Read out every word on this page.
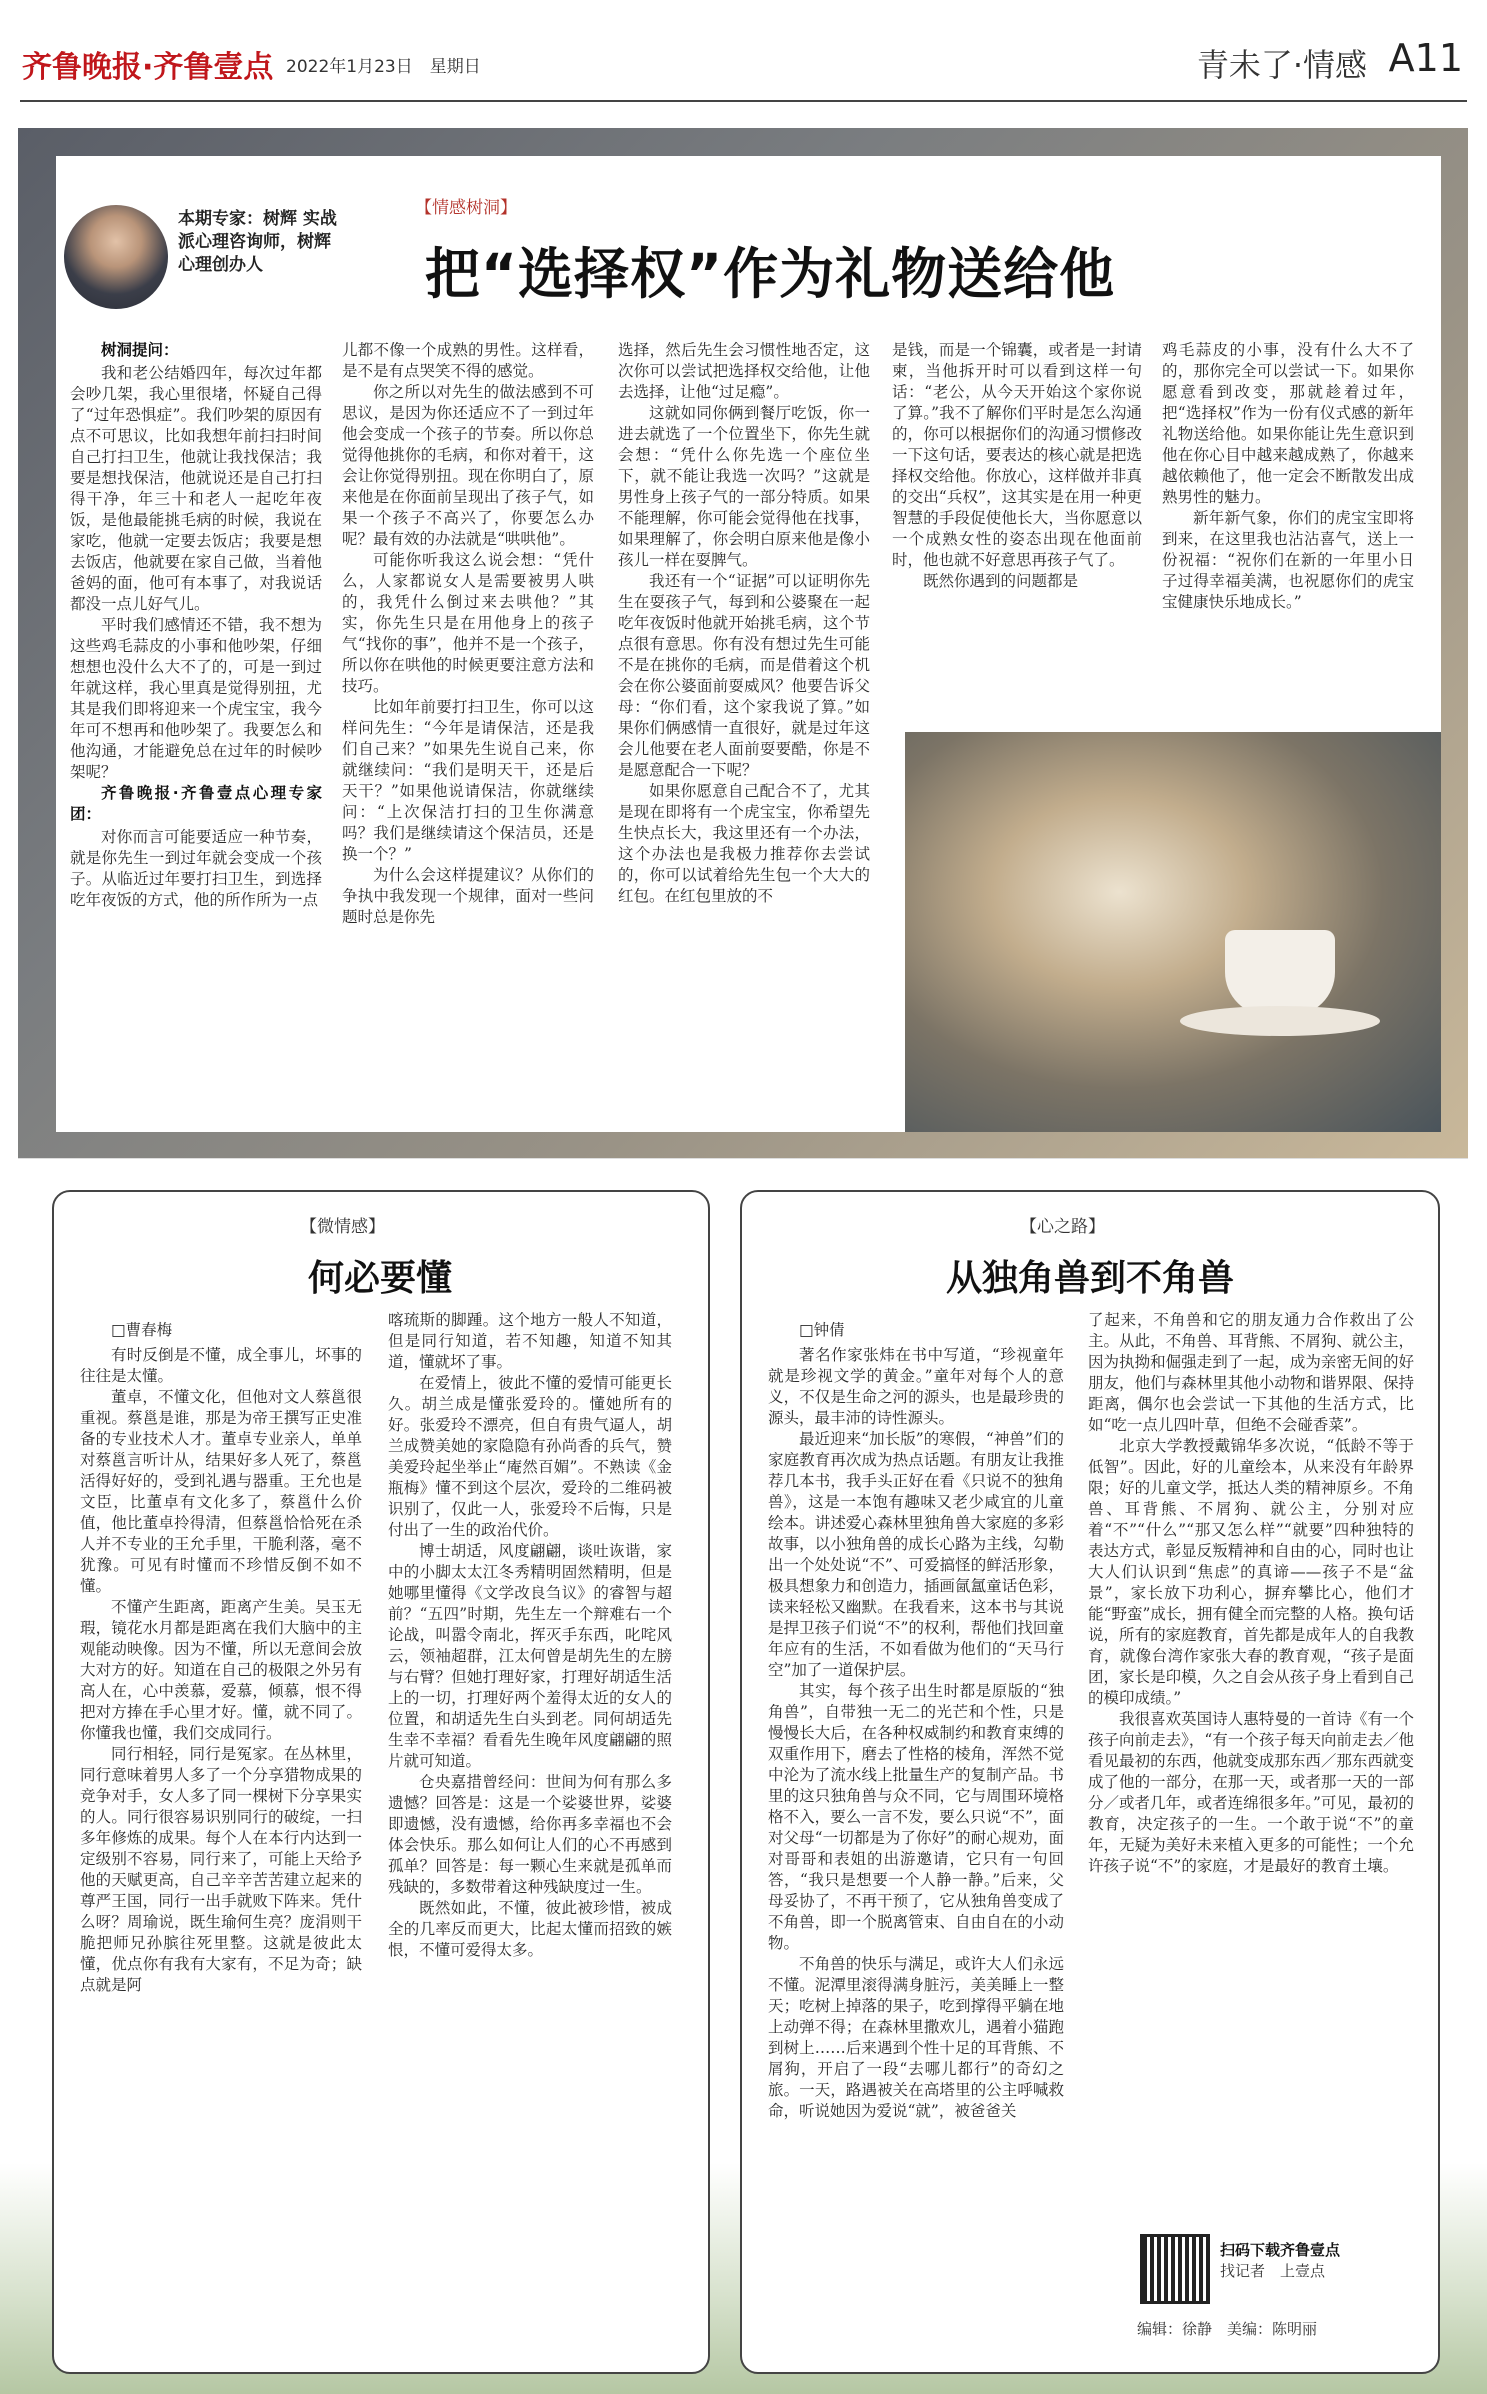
齐鲁晚报·齐鲁壹点 2022年1月23日　星期日	青未了·情感 A11
本期专家：树辉 实战派心理咨询师，树辉心理创办人
【情感树洞】
把“选择权”作为礼物送给他

树洞提问：

我和老公结婚四年，每次过年都会吵几架，我心里很堵，怀疑自己得了“过年恐惧症”。我们吵架的原因有点不可思议，比如我想年前扫扫时间自己打扫卫生，他就让我找保洁；我要是想找保洁，他就说还是自己打扫得干净，年三十和老人一起吃年夜饭，是他最能挑毛病的时候，我说在家吃，他就一定要去饭店；我要是想去饭店，他就要在家自己做，当着他爸妈的面，他可有本事了，对我说话都没一点儿好气儿。

平时我们感情还不错，我不想为这些鸡毛蒜皮的小事和他吵架，仔细想想也没什么大不了的，可是一到过年就这样，我心里真是觉得别扭，尤其是我们即将迎来一个虎宝宝，我今年可不想再和他吵架了。我要怎么和他沟通，才能避免总在过年的时候吵架呢？

齐鲁晚报·齐鲁壹点心理专家团：

对你而言可能要适应一种节奏，就是你先生一到过年就会变成一个孩子。从临近过年要打扫卫生，到选择吃年夜饭的方式，他的所作所为一点

儿都不像一个成熟的男性。这样看，是不是有点哭笑不得的感觉。

你之所以对先生的做法感到不可思议，是因为你还适应不了一到过年他会变成一个孩子的节奏。所以你总觉得他挑你的毛病，和你对着干，这会让你觉得别扭。现在你明白了，原来他是在你面前呈现出了孩子气，如果一个孩子不高兴了，你要怎么办呢？最有效的办法就是“哄哄他”。

可能你听我这么说会想：“凭什么，人家都说女人是需要被男人哄的，我凭什么倒过来去哄他？”其实，你先生只是在用他身上的孩子气“找你的事”，他并不是一个孩子，所以你在哄他的时候更要注意方法和技巧。

比如年前要打扫卫生，你可以这样问先生：“今年是请保洁，还是我们自己来？”如果先生说自己来，你就继续问：“我们是明天干，还是后天干？”如果他说请保洁，你就继续问：“上次保洁打扫的卫生你满意吗？我们是继续请这个保洁员，还是换一个？”

为什么会这样提建议？从你们的争执中我发现一个规律，面对一些问题时总是你先

选择，然后先生会习惯性地否定，这次你可以尝试把选择权交给他，让他去选择，让他“过足瘾”。

这就如同你俩到餐厅吃饭，你一进去就选了一个位置坐下，你先生就会想：“凭什么你先选一个座位坐下，就不能让我选一次吗？”这就是男性身上孩子气的一部分特质。如果不能理解，你可能会觉得他在找事，如果理解了，你会明白原来他是像小孩儿一样在耍脾气。

我还有一个“证据”可以证明你先生在耍孩子气，每到和公婆聚在一起吃年夜饭时他就开始挑毛病，这个节点很有意思。你有没有想过先生可能不是在挑你的毛病，而是借着这个机会在你公婆面前耍威风？他要告诉父母：“你们看，这个家我说了算。”如果你们俩感情一直很好，就是过年这会儿他要在老人面前耍要酷，你是不是愿意配合一下呢？

如果你愿意自己配合不了，尤其是现在即将有一个虎宝宝，你希望先生快点长大，我这里还有一个办法，这个办法也是我极力推荐你去尝试的，你可以试着给先生包一个大大的红包。在红包里放的不

是钱，而是一个锦囊，或者是一封请柬，当他拆开时可以看到这样一句话：“老公，从今天开始这个家你说了算。”我不了解你们平时是怎么沟通的，你可以根据你们的沟通习惯修改一下这句话，要表达的核心就是把选择权交给他。你放心，这样做并非真的交出“兵权”，这其实是在用一种更智慧的手段促使他长大，当你愿意以一个成熟女性的姿态出现在他面前时，他也就不好意思再孩子气了。

既然你遇到的问题都是

鸡毛蒜皮的小事，没有什么大不了的，那你完全可以尝试一下。如果你愿意看到改变，那就趁着过年，把“选择权”作为一份有仪式感的新年礼物送给他。如果你能让先生意识到他在你心目中越来越成熟了，你越来越依赖他了，他一定会不断散发出成熟男性的魅力。

新年新气象，你们的虎宝宝即将到来，在这里我也沾沾喜气，送上一份祝福：“祝你们在新的一年里小日子过得幸福美满，也祝愿你们的虎宝宝健康快乐地成长。”

【微情感】
何必要懂

□曹春梅

有时反倒是不懂，成全事儿，坏事的往往是太懂。

董卓，不懂文化，但他对文人蔡邕很重视。蔡邕是谁，那是为帝王撰写正史准备的专业技术人才。董卓专业亲人，单单对蔡邕言听计从，结果好多人死了，蔡邕活得好好的，受到礼遇与器重。王允也是文臣，比董卓有文化多了，蔡邕什么价值，他比董卓拎得清，但蔡邕恰恰死在杀人并不专业的王允手里，干脆利落，毫不犹豫。可见有时懂而不珍惜反倒不如不懂。

不懂产生距离，距离产生美。吴玉无瑕，镜花水月都是距离在我们大脑中的主观能动映像。因为不懂，所以无意间会放大对方的好。知道在自己的极限之外另有高人在，心中羡慕，爱慕，倾慕，恨不得把对方捧在手心里才好。懂，就不同了。你懂我也懂，我们交成同行。

同行相轻，同行是冤家。在丛林里，同行意味着男人多了一个分享猎物成果的竞争对手，女人多了同一棵树下分享果实的人。同行很容易识别同行的破绽，一扫多年修炼的成果。每个人在本行内达到一定级别不容易，同行来了，可能上天给予他的天赋更高，自己辛辛苦苦建立起来的尊严王国，同行一出手就败下阵来。凭什么呀？周瑜说，既生瑜何生亮？庞涓则干脆把师兄孙膑往死里整。这就是彼此太懂，优点你有我有大家有，不足为奇；缺点就是阿

喀琉斯的脚踵。这个地方一般人不知道，但是同行知道，若不知趣，知道不知其道，懂就坏了事。

在爱情上，彼此不懂的爱情可能更长久。胡兰成是懂张爱玲的。懂她所有的好。张爱玲不漂亮，但自有贵气逼人，胡兰成赞美她的家隐隐有孙尚香的兵气，赞美爱玲起坐举止“庵然百媚”。不熟读《金瓶梅》懂不到这个层次，爱玲的二维码被识别了，仅此一人，张爱玲不后悔，只是付出了一生的政治代价。

博士胡适，风度翩翩，谈吐诙谐，家中的小脚太太江冬秀精明固然精明，但是她哪里懂得《文学改良刍议》的睿智与超前？“五四”时期，先生左一个辩难右一个论战，叫嚣令南北，挥灭手东西，叱咤风云，领袖超群，江太何曾是胡先生的左膀与右臂？但她打理好家，打理好胡适生活上的一切，打理好两个羞得太近的女人的位置，和胡适先生白头到老。同何胡适先生幸不幸福？看看先生晚年风度翩翩的照片就可知道。

仓央嘉措曾经问：世间为何有那么多遗憾？回答是：这是一个娑婆世界，娑婆即遗憾，没有遗憾，给你再多幸福也不会体会快乐。那么如何让人们的心不再感到孤单？回答是：每一颗心生来就是孤单而残缺的，多数带着这种残缺度过一生。

既然如此，不懂，彼此被珍惜，被成全的几率反而更大，比起太懂而招致的嫉恨，不懂可爱得太多。

【心之路】
从独角兽到不角兽

□钟倩

著名作家张炜在书中写道，“珍视童年就是珍视文学的黄金。”童年对每个人的意义，不仅是生命之河的源头，也是最珍贵的源头，最丰沛的诗性源头。

最近迎来“加长版”的寒假，“神兽”们的家庭教育再次成为热点话题。有朋友让我推荐几本书，我手头正好在看《只说不的独角兽》，这是一本饱有趣味又老少咸宜的儿童绘本。讲述爱心森林里独角兽大家庭的多彩故事，以小独角兽的成长心路为主线，勾勒出一个处处说“不”、可爱搞怪的鲜活形象，极具想象力和创造力，插画氤氲童话色彩，读来轻松又幽默。在我看来，这本书与其说是捍卫孩子们说“不”的权利，帮他们找回童年应有的生活，不如看做为他们的“天马行空”加了一道保护层。

其实，每个孩子出生时都是原版的“独角兽”，自带独一无二的光芒和个性，只是慢慢长大后，在各种权威制约和教育束缚的双重作用下，磨去了性格的棱角，浑然不觉中沦为了流水线上批量生产的复制产品。书里的这只独角兽与众不同，它与周围环境格格不入，要么一言不发，要么只说“不”，面对父母“一切都是为了你好”的耐心规劝，面对哥哥和表姐的出游邀请，它只有一句回答，“我只是想要一个人静一静。”后来，父母妥协了，不再干预了，它从独角兽变成了不角兽，即一个脱离管束、自由自在的小动物。

不角兽的快乐与满足，或许大人们永远不懂。泥潭里滚得满身脏污，美美睡上一整天；吃树上掉落的果子，吃到撑得平躺在地上动弹不得；在森林里撒欢儿，遇着小猫跑到树上……后来遇到个性十足的耳背熊、不屑狗，开启了一段“去哪儿都行”的奇幻之旅。一天，路遇被关在高塔里的公主呼喊救命，听说她因为爱说“就”，被爸爸关

了起来，不角兽和它的朋友通力合作救出了公主。从此，不角兽、耳背熊、不屑狗、就公主，因为执拗和倔强走到了一起，成为亲密无间的好朋友，他们与森林里其他小动物和谐界限、保持距离，偶尔也会尝试一下其他的生活方式，比如“吃一点儿四叶草，但绝不会碰香菜”。

北京大学教授戴锦华多次说，“低龄不等于低智”。因此，好的儿童绘本，从来没有年龄界限；好的儿童文学，抵达人类的精神原乡。不角兽、耳背熊、不屑狗、就公主，分别对应着“不”“什么”“那又怎么样”“就要”四种独特的表达方式，彰显反叛精神和自由的心，同时也让大人们认识到“焦虑”的真谛——孩子不是“盆景”，家长放下功利心，摒弃攀比心，他们才能“野蛮”成长，拥有健全而完整的人格。换句话说，所有的家庭教育，首先都是成年人的自我教育，就像台湾作家张大春的教育观，“孩子是面团，家长是印模，久之自会从孩子身上看到自己的模印成绩。”

我很喜欢英国诗人惠特曼的一首诗《有一个孩子向前走去》，“有一个孩子每天向前走去／他看见最初的东西，他就变成那东西／那东西就变成了他的一部分，在那一天，或者那一天的一部分／或者几年，或者连绵很多年。”可见，最初的教育，决定孩子的一生。一个敢于说“不”的童年，无疑为美好未来植入更多的可能性；一个允许孩子说“不”的家庭，才是最好的教育土壤。

扫码下载齐鲁壹点
找记者　上壹点
编辑：徐静　美编：陈明丽
